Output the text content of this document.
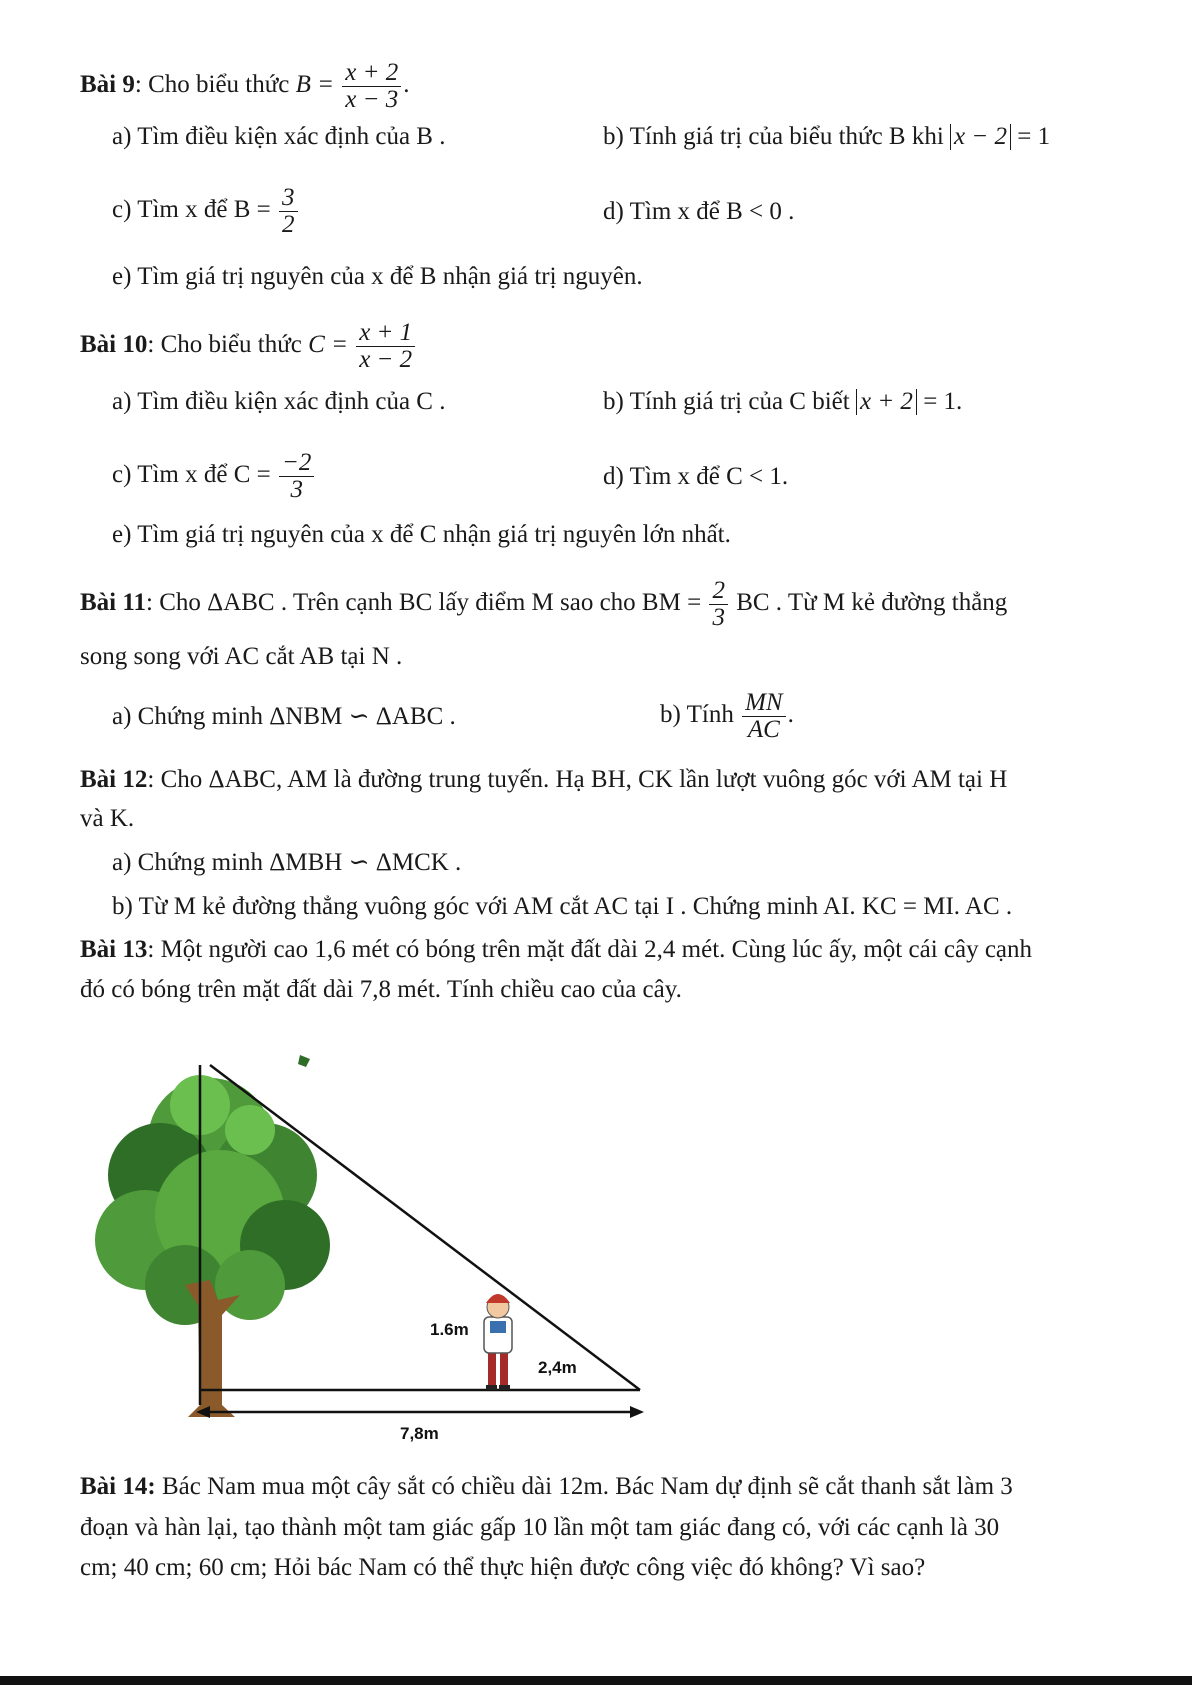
Bài 9: Cho biểu thức $B = \frac{x + 2}{x - 3}$ .
a) Tìm điều kiện xác định của B .	b) Tính giá trị của biểu thức B khi x − 2 = 1
c) Tìm x để $B = \frac{3}{2}$	d) Tìm x để B < 0 .
e) Tìm giá trị nguyên của x để B nhận giá trị nguyên.
Bài 10: Cho biểu thức $C = \frac{x + 1}{x - 2}$
a) Tìm điều kiện xác định của C .	b) Tính giá trị của C biết x + 2 = 1.
c) Tìm x để $C = \frac{-2}{3}$	d) Tìm x để C < 1.
e) Tìm giá trị nguyên của x để C nhận giá trị nguyên lớn nhất.
Bài 11: Cho ΔABC . Trên cạnh BC lấy điểm M sao cho BM = $\frac{2}{3}$ BC . Từ M kẻ đường thẳng
song song với AC cắt AB tại N .
a) Chứng minh ΔNBM ∽ ΔABC .	b) Tính $\frac{MN}{AC}$ .
Bài 12: Cho ΔABC, AM là đường trung tuyến. Hạ BH, CK lần lượt vuông góc với AM tại H
và K.
a) Chứng minh ΔMBH ∽ ΔMCK .
b) Từ M kẻ đường thẳng vuông góc với AM cắt AC tại I . Chứng minh AI. KC = MI. AC .
Bài 13: Một người cao 1,6 mét có bóng trên mặt đất dài 2,4 mét. Cùng lúc ấy, một cái cây cạnh
đó có bóng trên mặt đất dài 7,8 mét. Tính chiều cao của cây.
1.6m
2,4m
7,8m
Bài 14: Bác Nam mua một cây sắt có chiều dài 12m. Bác Nam dự định sẽ cắt thanh sắt làm 3
đoạn và hàn lại, tạo thành một tam giác gấp 10 lần một tam giác đang có, với các cạnh là 30
cm; 40 cm; 60 cm; Hỏi bác Nam có thể thực hiện được công việc đó không? Vì sao?
